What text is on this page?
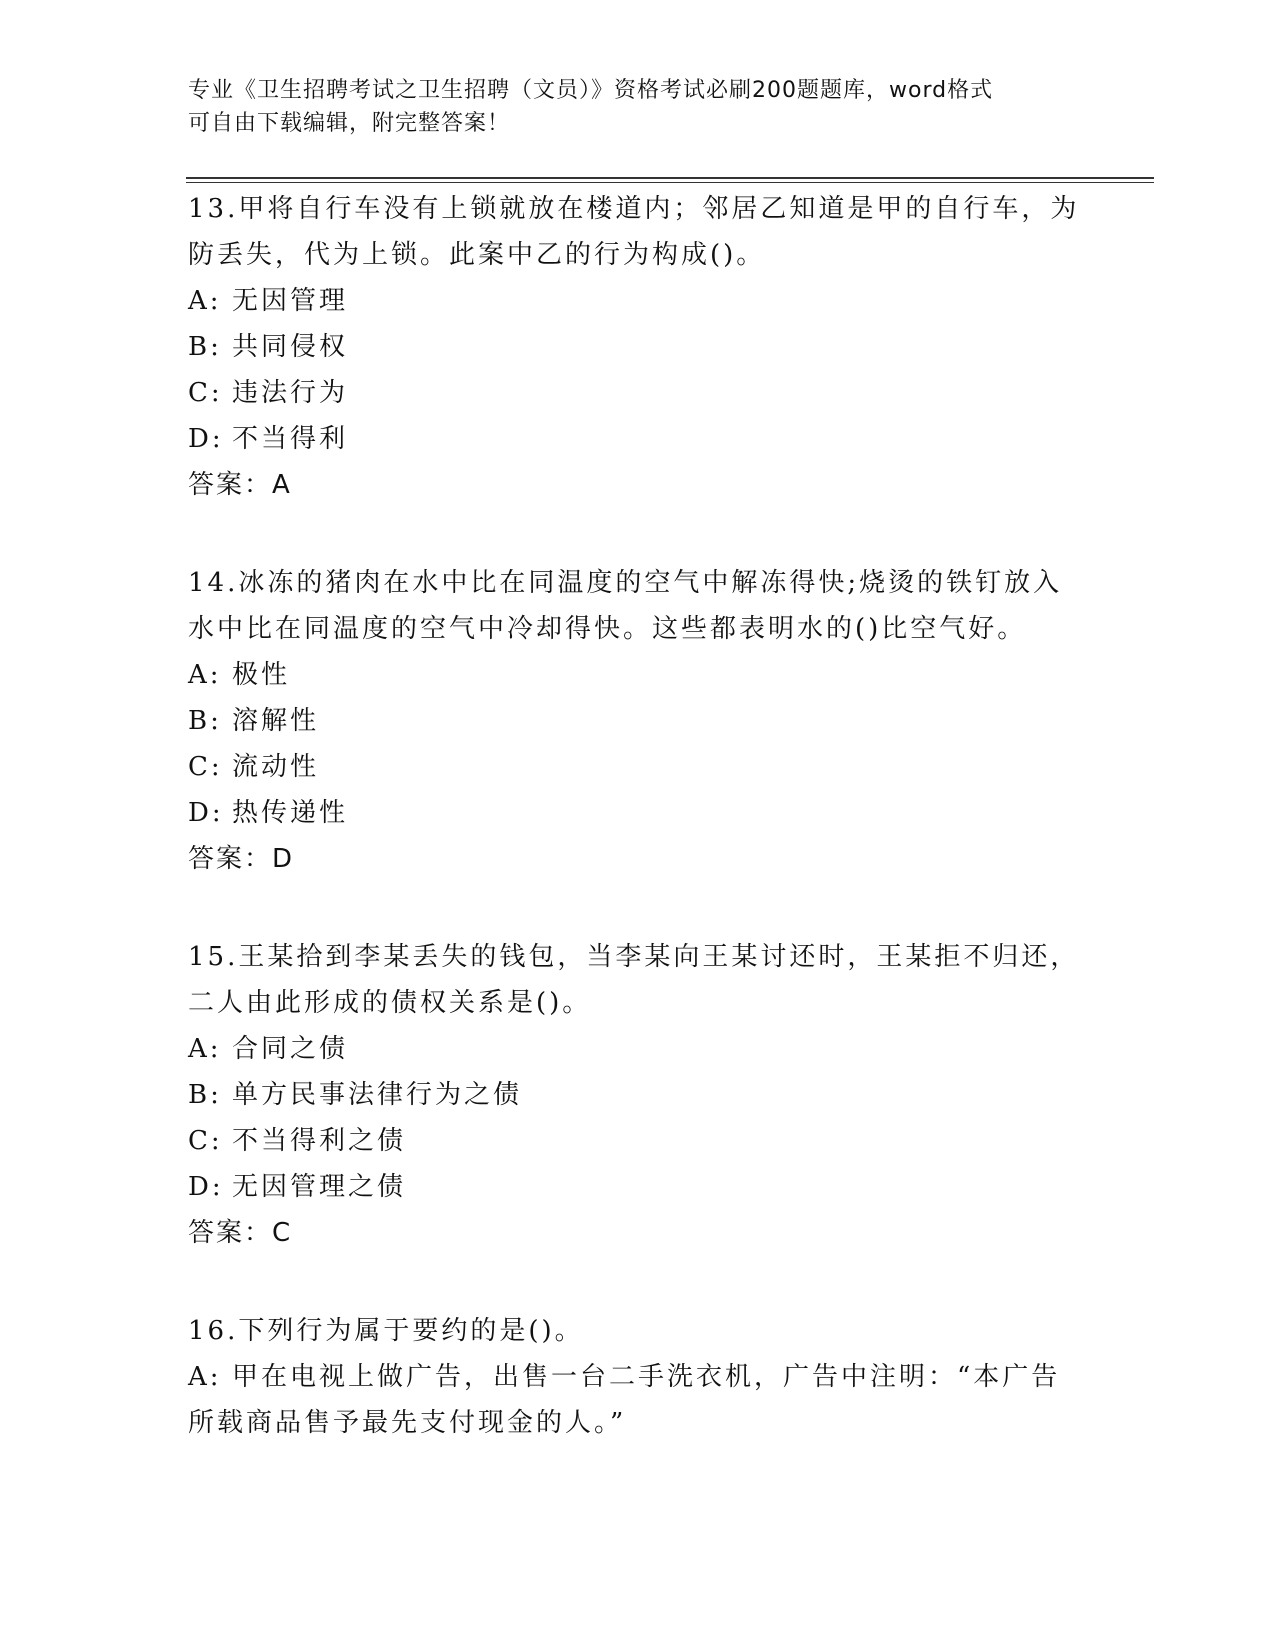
专业《卫生招聘考试之卫生招聘（文员）》资格考试必刷200题题库，word格式
可自由下载编辑，附完整答案！
13.甲将自行车没有上锁就放在楼道内；邻居乙知道是甲的自行车，为防丢失，代为上锁。此案中乙的行为构成()。
A: 无因管理
B: 共同侵权
C: 违法行为
D: 不当得利
答案：A
14.冰冻的猪肉在水中比在同温度的空气中解冻得快;烧烫的铁钉放入水中比在同温度的空气中冷却得快。这些都表明水的()比空气好。
A: 极性
B: 溶解性
C: 流动性
D: 热传递性
答案：D
15.王某拾到李某丢失的钱包，当李某向王某讨还时，王某拒不归还，二人由此形成的债权关系是()。
A: 合同之债
B: 单方民事法律行为之债
C: 不当得利之债
D: 无因管理之债
答案：C
16.下列行为属于要约的是()。
A: 甲在电视上做广告，出售一台二手洗衣机，广告中注明：“本广告所载商品售予最先支付现金的人。”
